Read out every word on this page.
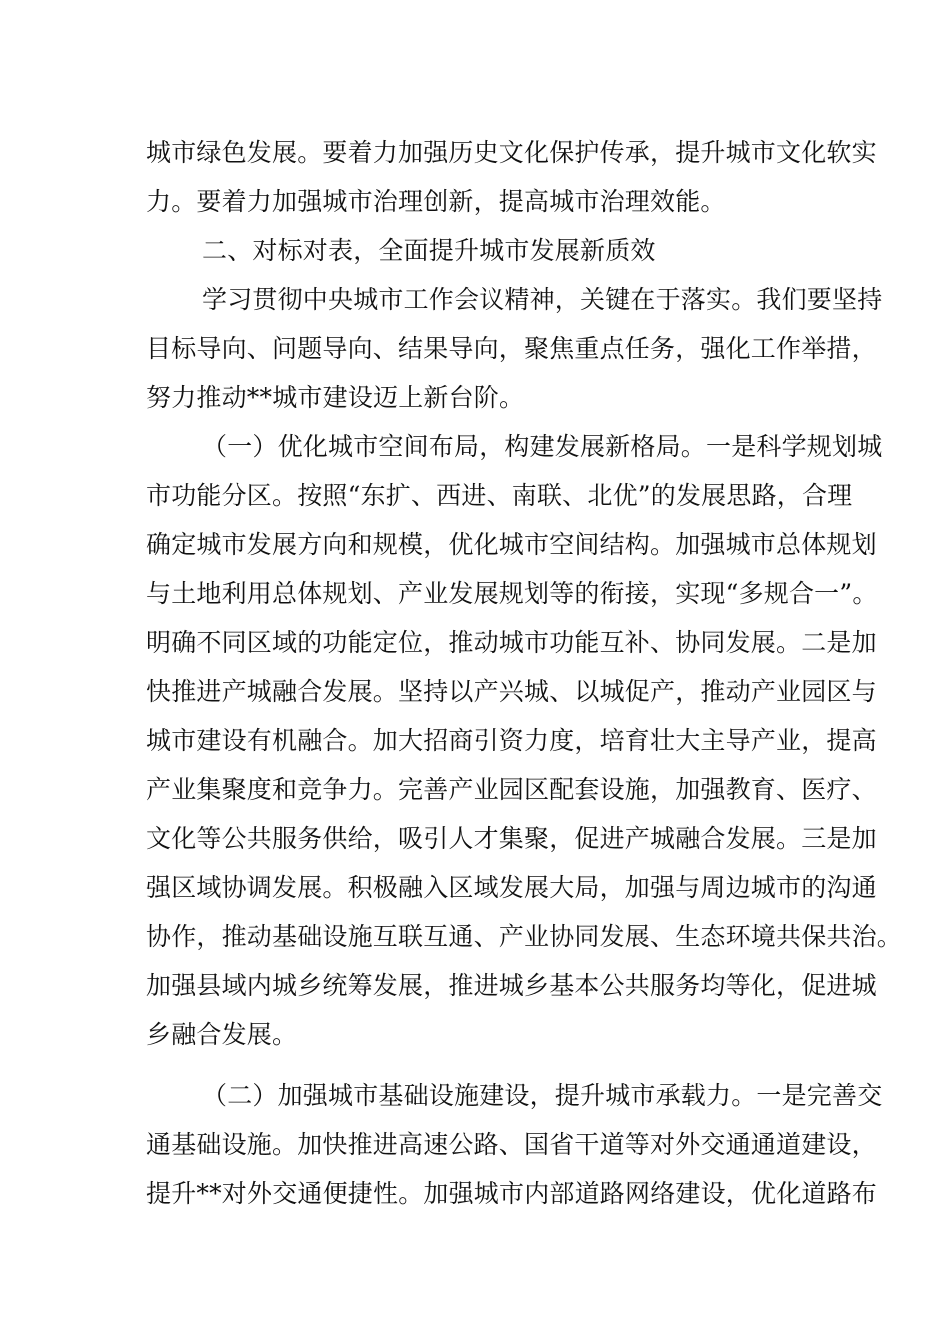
城市绿色发展。要着力加强历史文化保护传承，提升城市文化软实

力。要着力加强城市治理创新，提高城市治理效能。

二、对标对表，全面提升城市发展新质效

学习贯彻中央城市工作会议精神，关键在于落实。我们要坚持

目标导向、问题导向、结果导向，聚焦重点任务，强化工作举措，

努力推动**城市建设迈上新台阶。

（一）优化城市空间布局，构建发展新格局。一是科学规划城

市功能分区。按照“东扩、西进、南联、北优”的发展思路，合理

确定城市发展方向和规模，优化城市空间结构。加强城市总体规划

与土地利用总体规划、产业发展规划等的衔接，实现“多规合一”。

明确不同区域的功能定位，推动城市功能互补、协同发展。二是加

快推进产城融合发展。坚持以产兴城、以城促产，推动产业园区与

城市建设有机融合。加大招商引资力度，培育壮大主导产业，提高

产业集聚度和竞争力。完善产业园区配套设施，加强教育、医疗、

文化等公共服务供给，吸引人才集聚，促进产城融合发展。三是加

强区域协调发展。积极融入区域发展大局，加强与周边城市的沟通

协作，推动基础设施互联互通、产业协同发展、生态环境共保共治。

加强县域内城乡统筹发展，推进城乡基本公共服务均等化，促进城

乡融合发展。

（二）加强城市基础设施建设，提升城市承载力。一是完善交

通基础设施。加快推进高速公路、国省干道等对外交通通道建设，

提升**对外交通便捷性。加强城市内部道路网络建设，优化道路布
